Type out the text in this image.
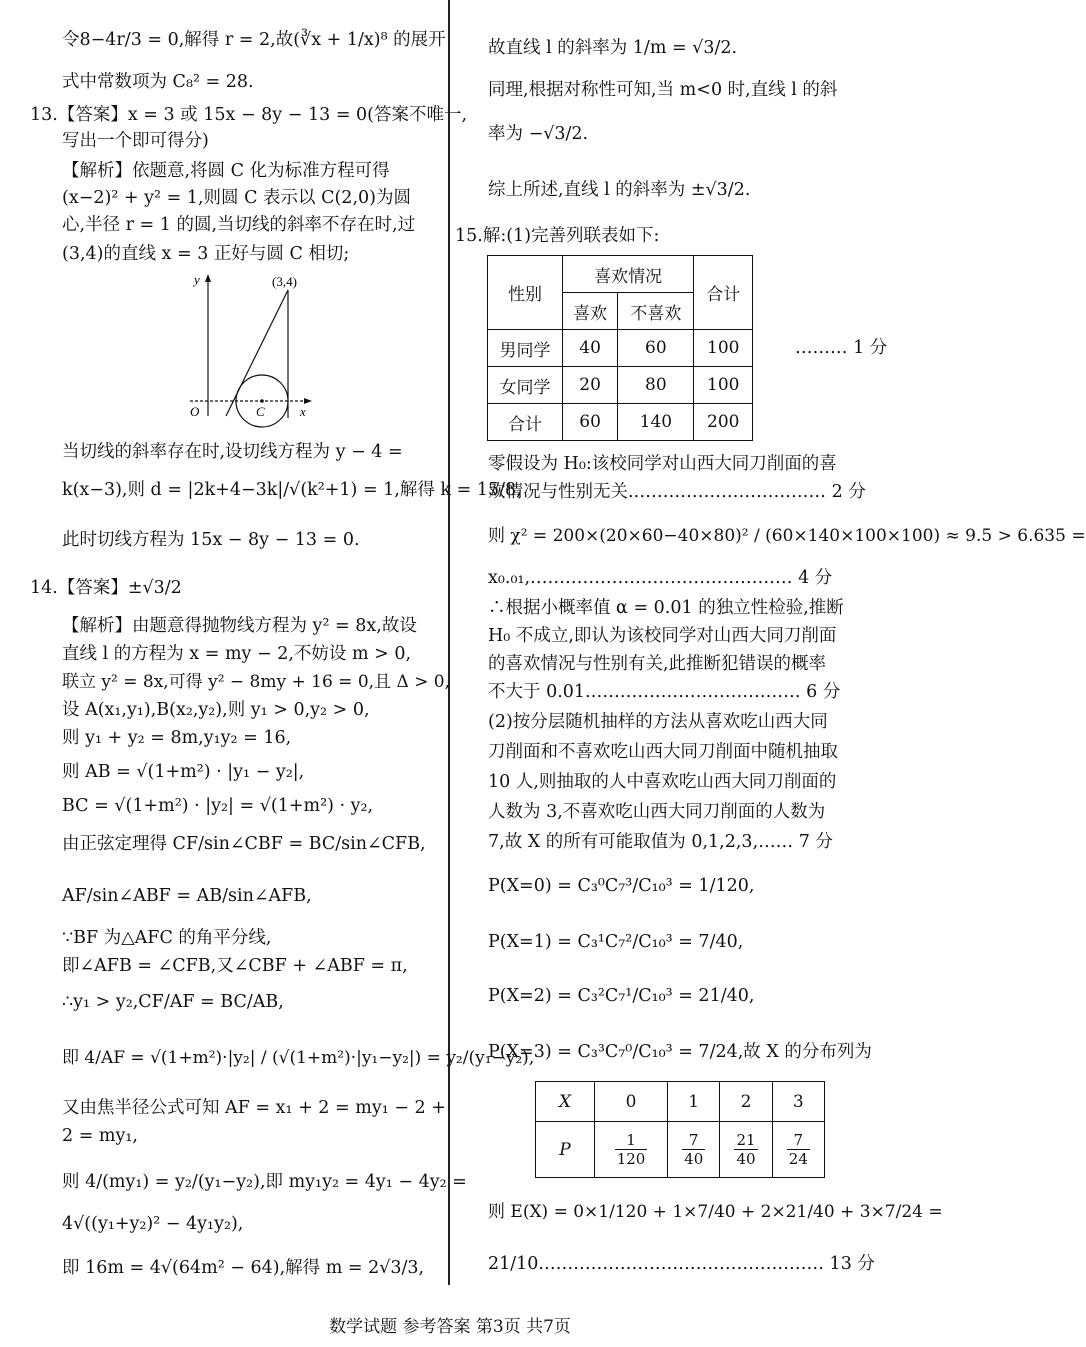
令8−4r/3 = 0,解得 r = 2,故(∛x + 1/x)⁸ 的展开
式中常数项为 C₈² = 28.
13.【答案】x = 3 或 15x − 8y − 13 = 0(答案不唯一,
写出一个即可得分)
【解析】依题意,将圆 C 化为标准方程可得
(x−2)² + y² = 1,则圆 C 表示以 C(2,0)为圆
心,半径 r = 1 的圆,当切线的斜率不存在时,过
(3,4)的直线 x = 3 正好与圆 C 相切;
y
x
O	C
(3,4)
当切线的斜率存在时,设切线方程为 y − 4 =
k(x−3),则 d = |2k+4−3k|/√(k²+1) = 1,解得 k = 15/8,
此时切线方程为 15x − 8y − 13 = 0.
14.【答案】±√3/2
【解析】由题意得抛物线方程为 y² = 8x,故设
直线 l 的方程为 x = my − 2,不妨设 m > 0,
联立 y² = 8x,可得 y² − 8my + 16 = 0,且 Δ > 0,
设 A(x₁,y₁),B(x₂,y₂),则 y₁ > 0,y₂ > 0,
则 y₁ + y₂ = 8m,y₁y₂ = 16,
则 AB = √(1+m²) · |y₁ − y₂|,
BC = √(1+m²) · |y₂| = √(1+m²) · y₂,
由正弦定理得 CF/sin∠CBF = BC/sin∠CFB,
AF/sin∠ABF = AB/sin∠AFB,
∵BF 为△AFC 的角平分线,
即∠AFB = ∠CFB,又∠CBF + ∠ABF = π,
∴y₁ > y₂,CF/AF = BC/AB,
即 4/AF = √(1+m²)·|y₂| / (√(1+m²)·|y₁−y₂|) = y₂/(y₁−y₂),
又由焦半径公式可知 AF = x₁ + 2 = my₁ − 2 +
2 = my₁,
则 4/(my₁) = y₂/(y₁−y₂),即 my₁y₂ = 4y₁ − 4y₂ =
4√((y₁+y₂)² − 4y₁y₂),
即 16m = 4√(64m² − 64),解得 m = 2√3/3,
故直线 l 的斜率为 1/m = √3/2.
同理,根据对称性可知,当 m<0 时,直线 l 的斜
率为 −√3/2.
综上所述,直线 l 的斜率为 ±√3/2.
15.解:(1)完善列联表如下:
性别	喜欢情况		合计
	喜欢	不喜欢	
男同学	40	60	100
女同学	20	80	100
合计	60	140	200
……… 1 分
零假设为 H₀:该校同学对山西大同刀削面的喜
欢情况与性别无关.…………………………… 2 分
则 χ² = 200×(20×60−40×80)² / (60×140×100×100) ≈ 9.5 > 6.635 =
x₀.₀₁,……………………………………… 4 分
∴根据小概率值 α = 0.01 的独立性检验,推断
H₀ 不成立,即认为该校同学对山西大同刀削面
的喜欢情况与性别有关,此推断犯错误的概率
不大于 0.01.……………………………… 6 分
(2)按分层随机抽样的方法从喜欢吃山西大同
刀削面和不喜欢吃山西大同刀削面中随机抽取
10 人,则抽取的人中喜欢吃山西大同刀削面的
人数为 3,不喜欢吃山西大同刀削面的人数为
7,故 X 的所有可能取值为 0,1,2,3,…… 7 分
P(X=0) = C₃⁰C₇³/C₁₀³ = 1/120,
P(X=1) = C₃¹C₇²/C₁₀³ = 7/40,
P(X=2) = C₃²C₇¹/C₁₀³ = 21/40,
P(X=3) = C₃³C₇⁰/C₁₀³ = 7/24,故 X 的分布列为
X	0	1	2	3
P	$\frac{1}{120}$	$\frac{7}{40}$	$\frac{21}{40}$	$\frac{7}{24}$
则 E(X) = 0×1/120 + 1×7/40 + 2×21/40 + 3×7/24 =
21/10.………………………………………… 13 分
数学试题 参考答案 第3页 共7页
